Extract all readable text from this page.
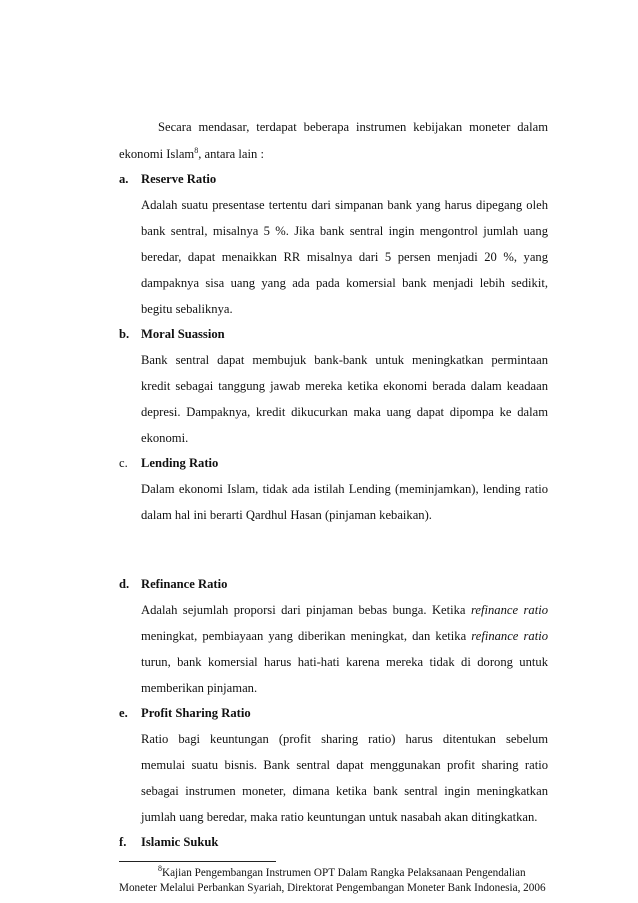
Secara mendasar, terdapat beberapa instrumen kebijakan moneter dalam
ekonomi Islam$^8$, antara lain :
a. Reserve Ratio
Adalah suatu presentase tertentu dari simpanan bank yang harus dipegang oleh
bank sentral, misalnya 5 %. Jika bank sentral ingin mengontrol jumlah uang
beredar, dapat menaikkan RR misalnya dari 5 persen menjadi 20 %, yang
dampaknya sisa uang yang ada pada komersial bank menjadi lebih sedikit,
begitu sebaliknya.
b. Moral Suassion
Bank sentral dapat membujuk bank-bank untuk meningkatkan permintaan
kredit sebagai tanggung jawab mereka ketika ekonomi berada dalam keadaan
depresi. Dampaknya, kredit dikucurkan maka uang dapat dipompa ke dalam
ekonomi.
c. Lending Ratio
Dalam ekonomi Islam, tidak ada istilah Lending (meminjamkan), lending ratio
dalam hal ini berarti Qardhul Hasan (pinjaman kebaikan).
d. Refinance Ratio
Adalah sejumlah proporsi dari pinjaman bebas bunga. Ketika refinance ratio
meningkat, pembiayaan yang diberikan meningkat, dan ketika refinance ratio
turun, bank komersial harus hati-hati karena mereka tidak di dorong untuk
memberikan pinjaman.
e. Profit Sharing Ratio
Ratio bagi keuntungan (profit sharing ratio) harus ditentukan sebelum
memulai suatu bisnis. Bank sentral dapat menggunakan profit sharing ratio
sebagai instrumen moneter, dimana ketika bank sentral ingin meningkatkan
jumlah uang beredar, maka ratio keuntungan untuk nasabah akan ditingkatkan.
f. Islamic Sukuk
$^8$Kajian Pengembangan Instrumen OPT Dalam Rangka Pelaksanaan Pengendalian
Moneter Melalui Perbankan Syariah, Direktorat Pengembangan Moneter Bank Indonesia, 2006
